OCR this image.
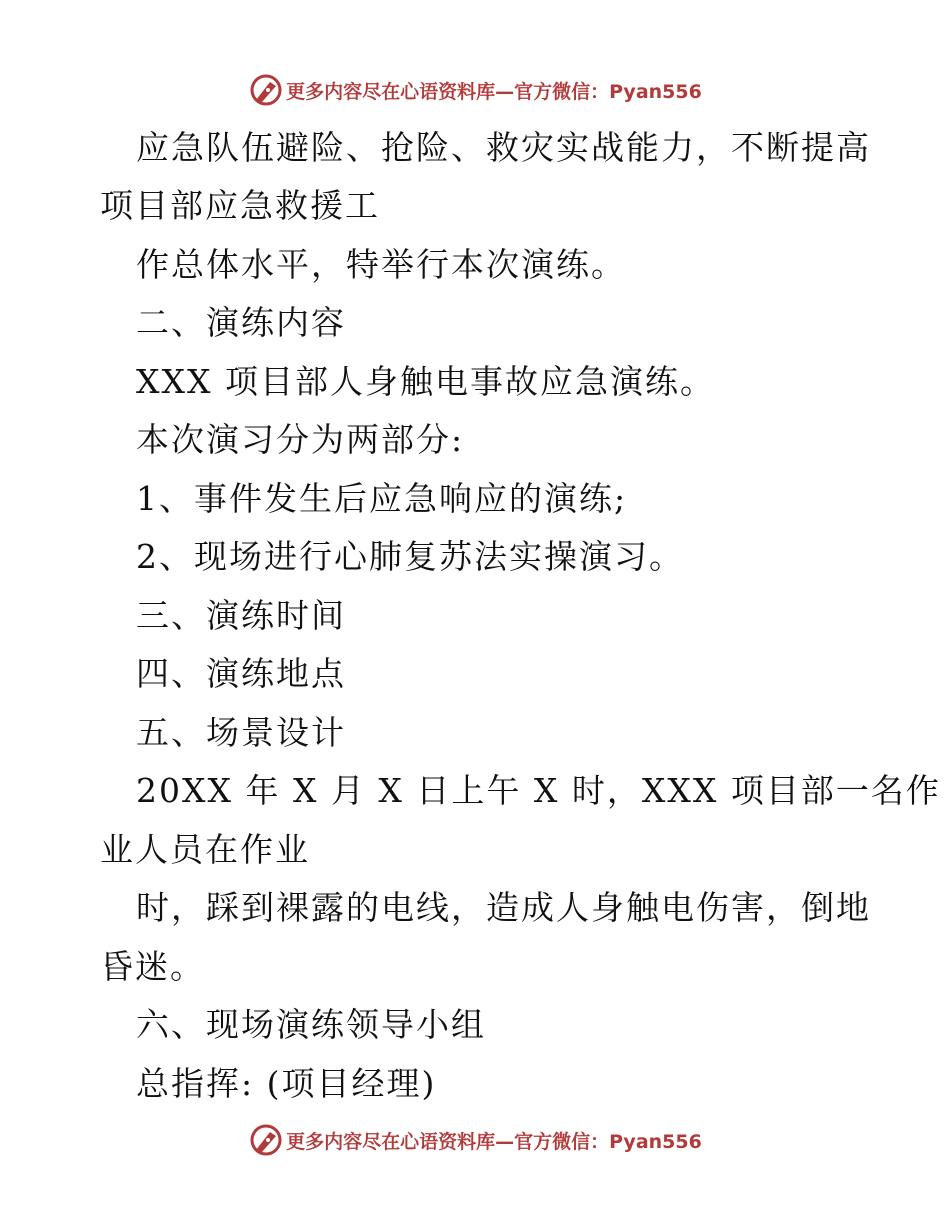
更多内容尽在心语资料库—官方微信：Pyan556
应急队伍避险、抢险、救灾实战能力，不断提高
项目部应急救援工
作总体水平，特举行本次演练。
二、演练内容
XXX 项目部人身触电事故应急演练。
本次演习分为两部分:
1、事件发生后应急响应的演练;
2、现场进行心肺复苏法实操演习。
三、演练时间
四、演练地点
五、场景设计
20XX 年 X 月 X 日上午 X 时，XXX 项目部一名作
业人员在作业
时，踩到裸露的电线，造成人身触电伤害，倒地
昏迷。
六、现场演练领导小组
总指挥: (项目经理)
更多内容尽在心语资料库—官方微信：Pyan556
